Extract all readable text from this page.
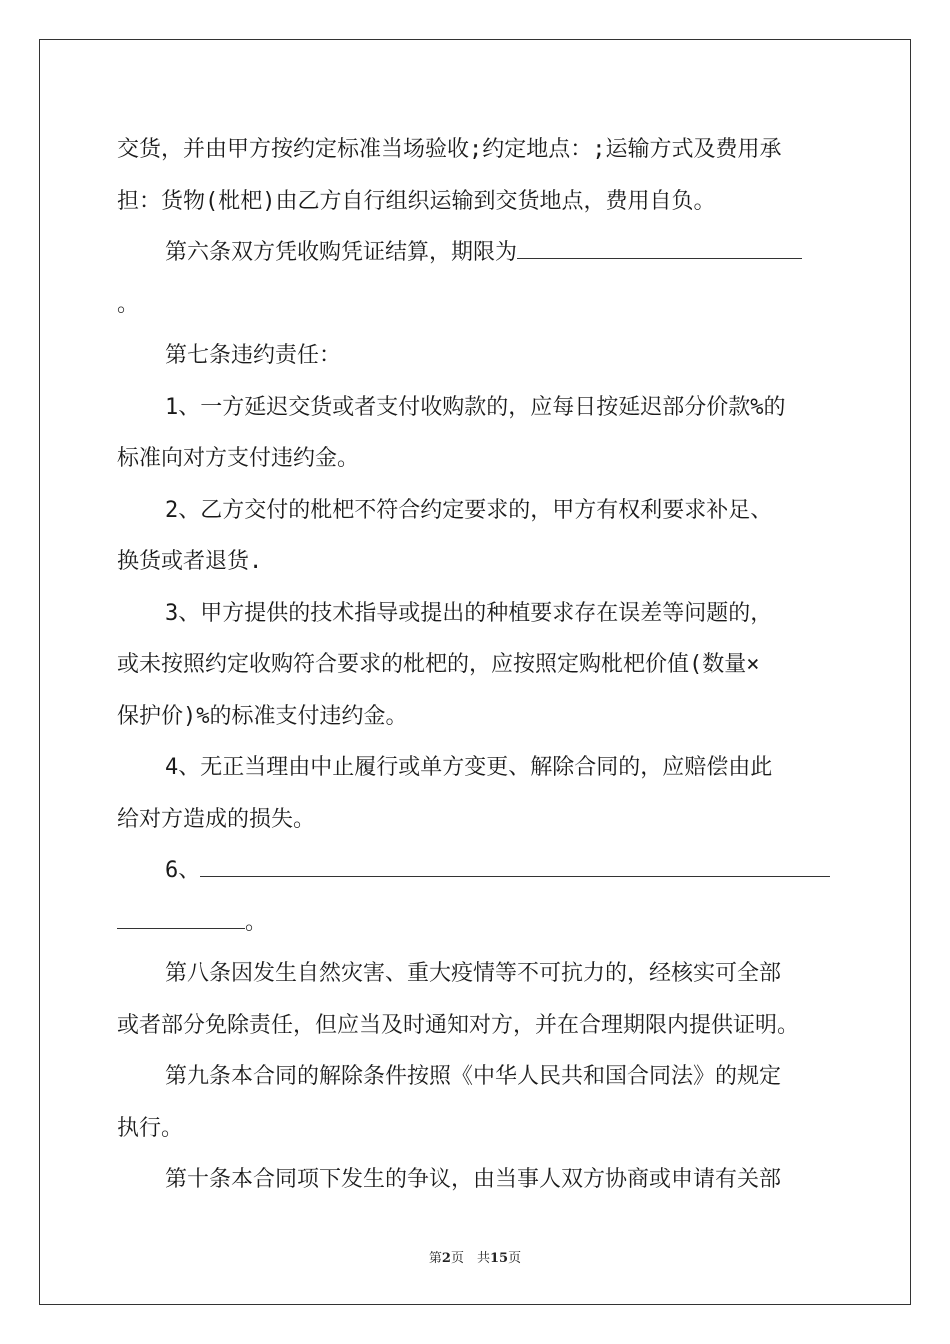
交货，并由甲方按约定标准当场验收;约定地点：;运输方式及费用承
担：货物(枇杷)由乙方自行组织运输到交货地点，费用自负。
第六条双方凭收购凭证结算，期限为
。
第七条违约责任：
1、一方延迟交货或者支付收购款的，应每日按延迟部分价款%的
标准向对方支付违约金。
2、乙方交付的枇杷不符合约定要求的，甲方有权利要求补足、
换货或者退货.
3、甲方提供的技术指导或提出的种植要求存在误差等问题的，
或未按照约定收购符合要求的枇杷的，应按照定购枇杷价值(数量×
保护价)%的标准支付违约金。
4、无正当理由中止履行或单方变更、解除合同的，应赔偿由此
给对方造成的损失。
6、
。
第八条因发生自然灾害、重大疫情等不可抗力的，经核实可全部
或者部分免除责任，但应当及时通知对方，并在合理期限内提供证明。
第九条本合同的解除条件按照《中华人民共和国合同法》的规定
执行。
第十条本合同项下发生的争议，由当事人双方协商或申请有关部
第2页　共15页
